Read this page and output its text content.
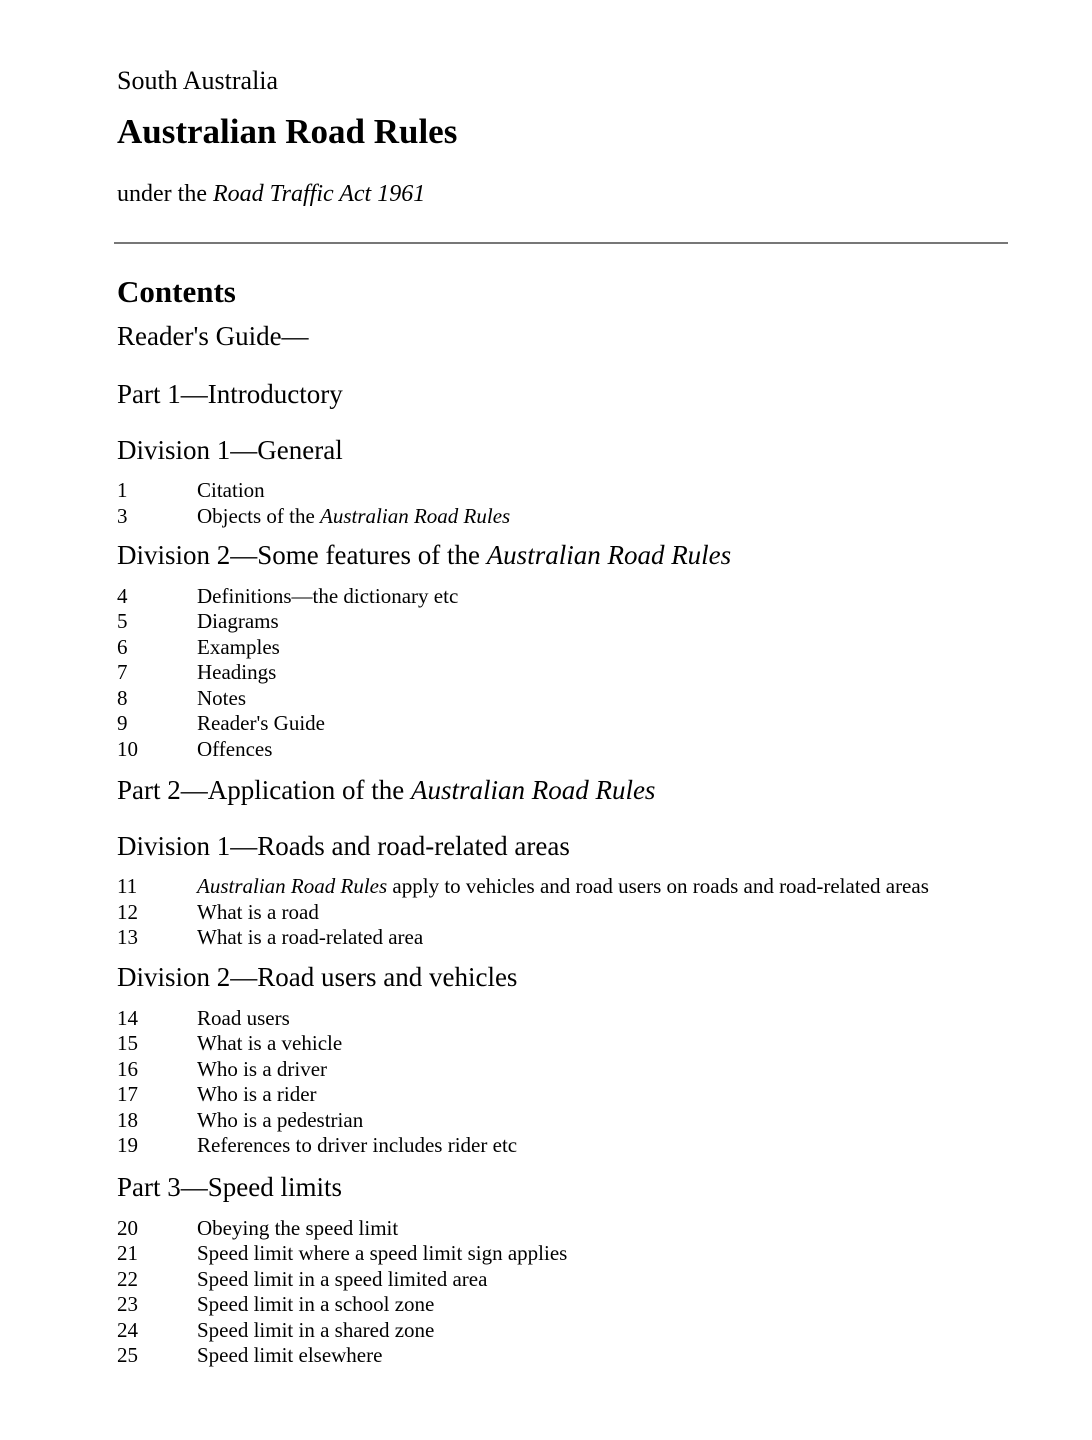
South Australia
Australian Road Rules
under the Road Traffic Act 1961
Contents
Reader's Guide—
Part 1—Introductory
Division 1—General
1	Citation
3	Objects of the Australian Road Rules
Division 2—Some features of the Australian Road Rules
4	Definitions—the dictionary etc
5	Diagrams
6	Examples
7	Headings
8	Notes
9	Reader's Guide
10	Offences
Part 2—Application of the Australian Road Rules
Division 1—Roads and road-related areas
11	Australian Road Rules apply to vehicles and road users on roads and road-related areas
12	What is a road
13	What is a road-related area
Division 2—Road users and vehicles
14	Road users
15	What is a vehicle
16	Who is a driver
17	Who is a rider
18	Who is a pedestrian
19	References to driver includes rider etc
Part 3—Speed limits
20	Obeying the speed limit
21	Speed limit where a speed limit sign applies
22	Speed limit in a speed limited area
23	Speed limit in a school zone
24	Speed limit in a shared zone
25	Speed limit elsewhere
